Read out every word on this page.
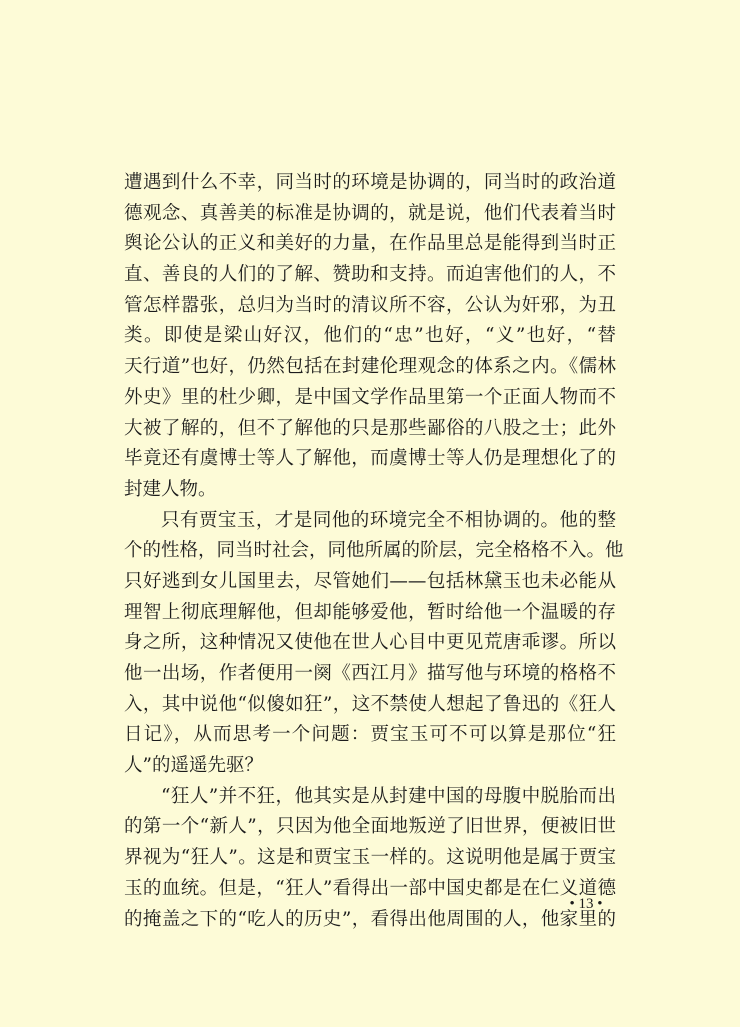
遭遇到什么不幸，同当时的环境是协调的，同当时的政治道
德观念、真善美的标准是协调的，就是说，他们代表着当时
舆论公认的正义和美好的力量，在作品里总是能得到当时正
直、善良的人们的了解、赞助和支持。而迫害他们的人，不
管怎样嚣张，总归为当时的清议所不容，公认为奸邪，为丑
类。即使是梁山好汉，他们的“忠”也好，“义”也好，“替
天行道”也好，仍然包括在封建伦理观念的体系之内。《儒林
外史》里的杜少卿，是中国文学作品里第一个正面人物而不
大被了解的，但不了解他的只是那些鄙俗的八股之士；此外
毕竟还有虞博士等人了解他，而虞博士等人仍是理想化了的
封建人物。
只有贾宝玉，才是同他的环境完全不相协调的。他的整
个的性格，同当时社会，同他所属的阶层，完全格格不入。他
只好逃到女儿国里去，尽管她们——包括林黛玉也未必能从
理智上彻底理解他，但却能够爱他，暂时给他一个温暖的存
身之所，这种情况又使他在世人心目中更见荒唐乖谬。所以
他一出场，作者便用一阕《西江月》描写他与环境的格格不
入，其中说他“似傻如狂”，这不禁使人想起了鲁迅的《狂人
日记》，从而思考一个问题：贾宝玉可不可以算是那位“狂
人”的遥遥先驱？
“狂人”并不狂，他其实是从封建中国的母腹中脱胎而出
的第一个“新人”，只因为他全面地叛逆了旧世界，便被旧世
界视为“狂人”。这是和贾宝玉一样的。这说明他是属于贾宝
玉的血统。但是，“狂人”看得出一部中国史都是在仁义道德
的掩盖之下的“吃人的历史”，看得出他周围的人，他家里的
• 13 •
